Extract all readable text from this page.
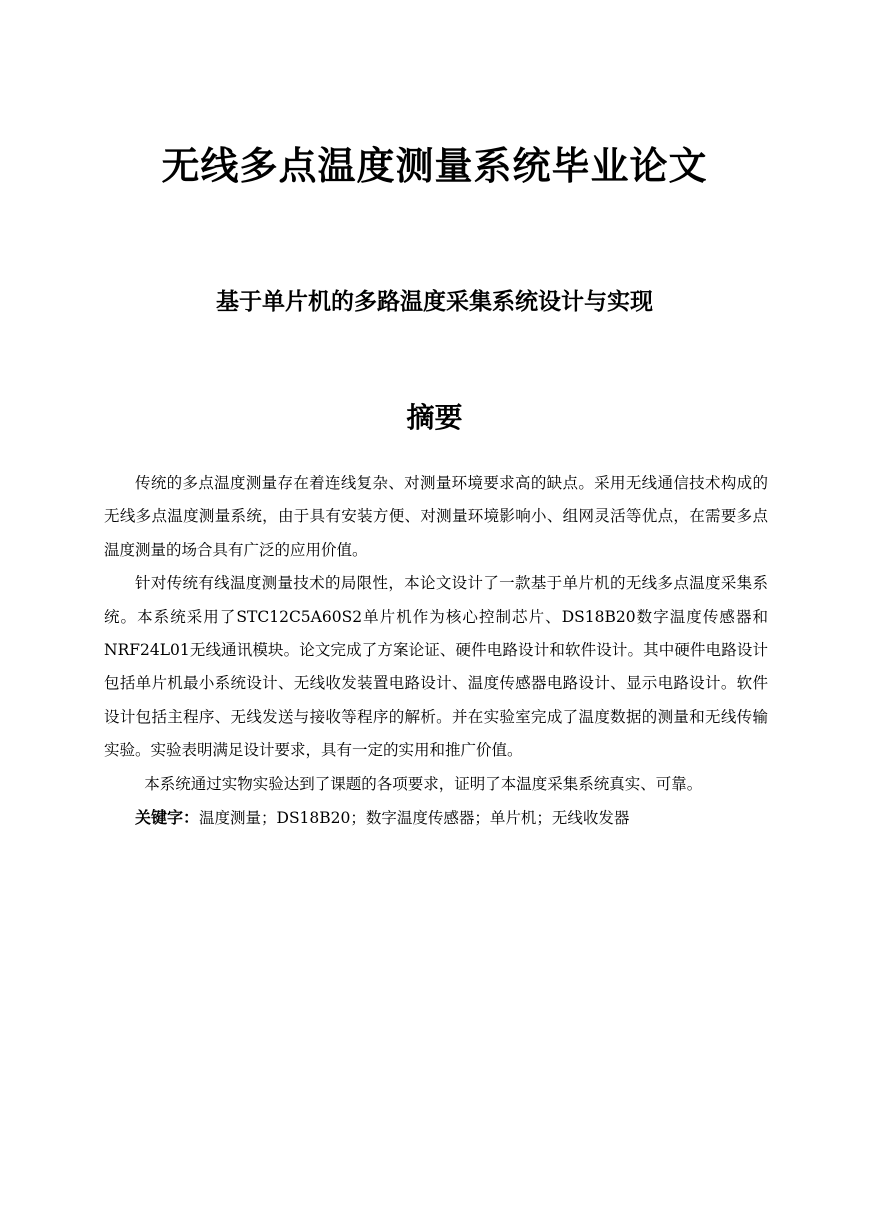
无线多点温度测量系统毕业论文
基于单片机的多路温度采集系统设计与实现
摘要

传统的多点温度测量存在着连线复杂、对测量环境要求高的缺点。采用无线通信技术构成的无线多点温度测量系统，由于具有安装方便、对测量环境影响小、组网灵活等优点，在需要多点温度测量的场合具有广泛的应用价值。

针对传统有线温度测量技术的局限性，本论文设计了一款基于单片机的无线多点温度采集系统。本系统采用了STC12C5A60S2单片机作为核心控制芯片、DS18B20数字温度传感器和NRF24L01无线通讯模块。论文完成了方案论证、硬件电路设计和软件设计。其中硬件电路设计包括单片机最小系统设计、无线收发装置电路设计、温度传感器电路设计、显示电路设计。软件设计包括主程序、无线发送与接收等程序的解析。并在实验室完成了温度数据的测量和无线传输实验。实验表明满足设计要求，具有一定的实用和推广价值。

本系统通过实物实验达到了课题的各项要求，证明了本温度采集系统真实、可靠。

关键字：温度测量；DS18B20；数字温度传感器；单片机；无线收发器
